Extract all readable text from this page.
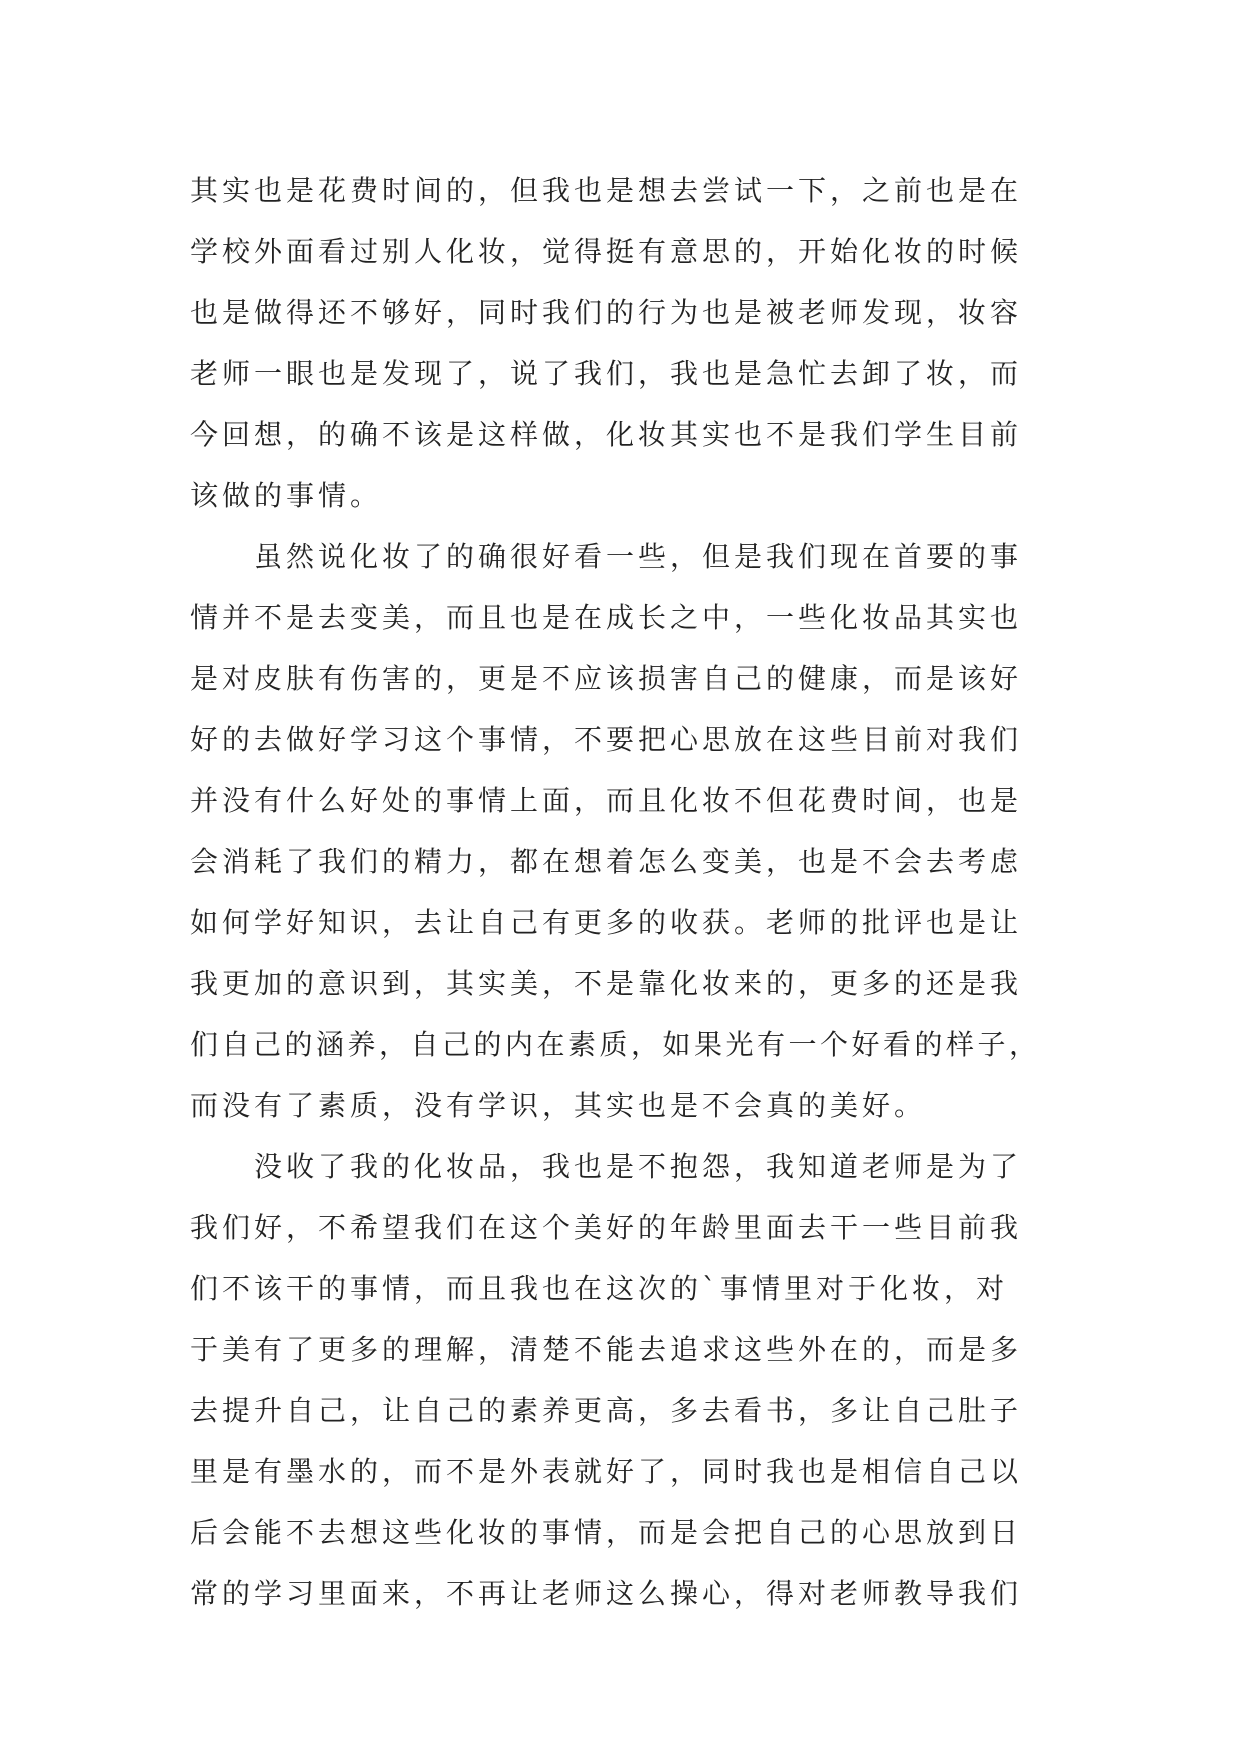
其实也是花费时间的，但我也是想去尝试一下，之前也是在
学校外面看过别人化妆，觉得挺有意思的，开始化妆的时候
也是做得还不够好，同时我们的行为也是被老师发现，妆容
老师一眼也是发现了，说了我们，我也是急忙去卸了妆，而
今回想，的确不该是这样做，化妆其实也不是我们学生目前
该做的事情。
虽然说化妆了的确很好看一些，但是我们现在首要的事
情并不是去变美，而且也是在成长之中，一些化妆品其实也
是对皮肤有伤害的，更是不应该损害自己的健康，而是该好
好的去做好学习这个事情，不要把心思放在这些目前对我们
并没有什么好处的事情上面，而且化妆不但花费时间，也是
会消耗了我们的精力，都在想着怎么变美，也是不会去考虑
如何学好知识，去让自己有更多的收获。老师的批评也是让
我更加的意识到，其实美，不是靠化妆来的，更多的还是我
们自己的涵养，自己的内在素质，如果光有一个好看的样子，
而没有了素质，没有学识，其实也是不会真的美好。
没收了我的化妆品，我也是不抱怨，我知道老师是为了
我们好，不希望我们在这个美好的年龄里面去干一些目前我
们不该干的事情，而且我也在这次的`事情里对于化妆，对
于美有了更多的理解，清楚不能去追求这些外在的，而是多
去提升自己，让自己的素养更高，多去看书，多让自己肚子
里是有墨水的，而不是外表就好了，同时我也是相信自己以
后会能不去想这些化妆的事情，而是会把自己的心思放到日
常的学习里面来，不再让老师这么操心，得对老师教导我们
